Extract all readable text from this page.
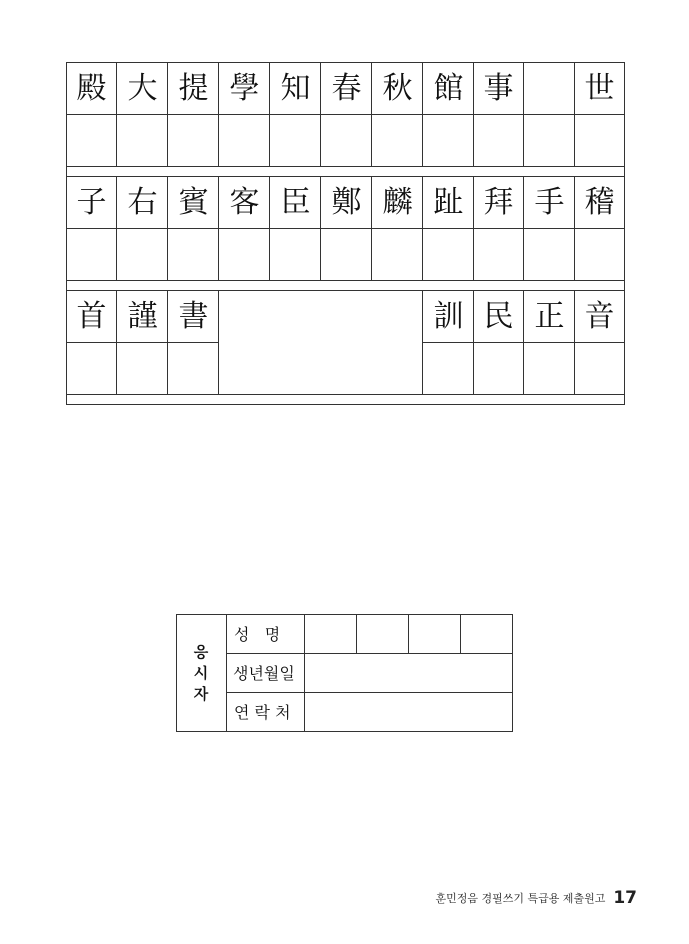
殿 大 提 學 知 春 秋 館 事	世
子 右 賓 客 臣 鄭 麟 趾 拜 手 稽
首 謹 書	訓 民 正 音
응
시
자
성   명
생년월일
연 락 처
훈민정음 경필쓰기 특급용 제출원고 17
